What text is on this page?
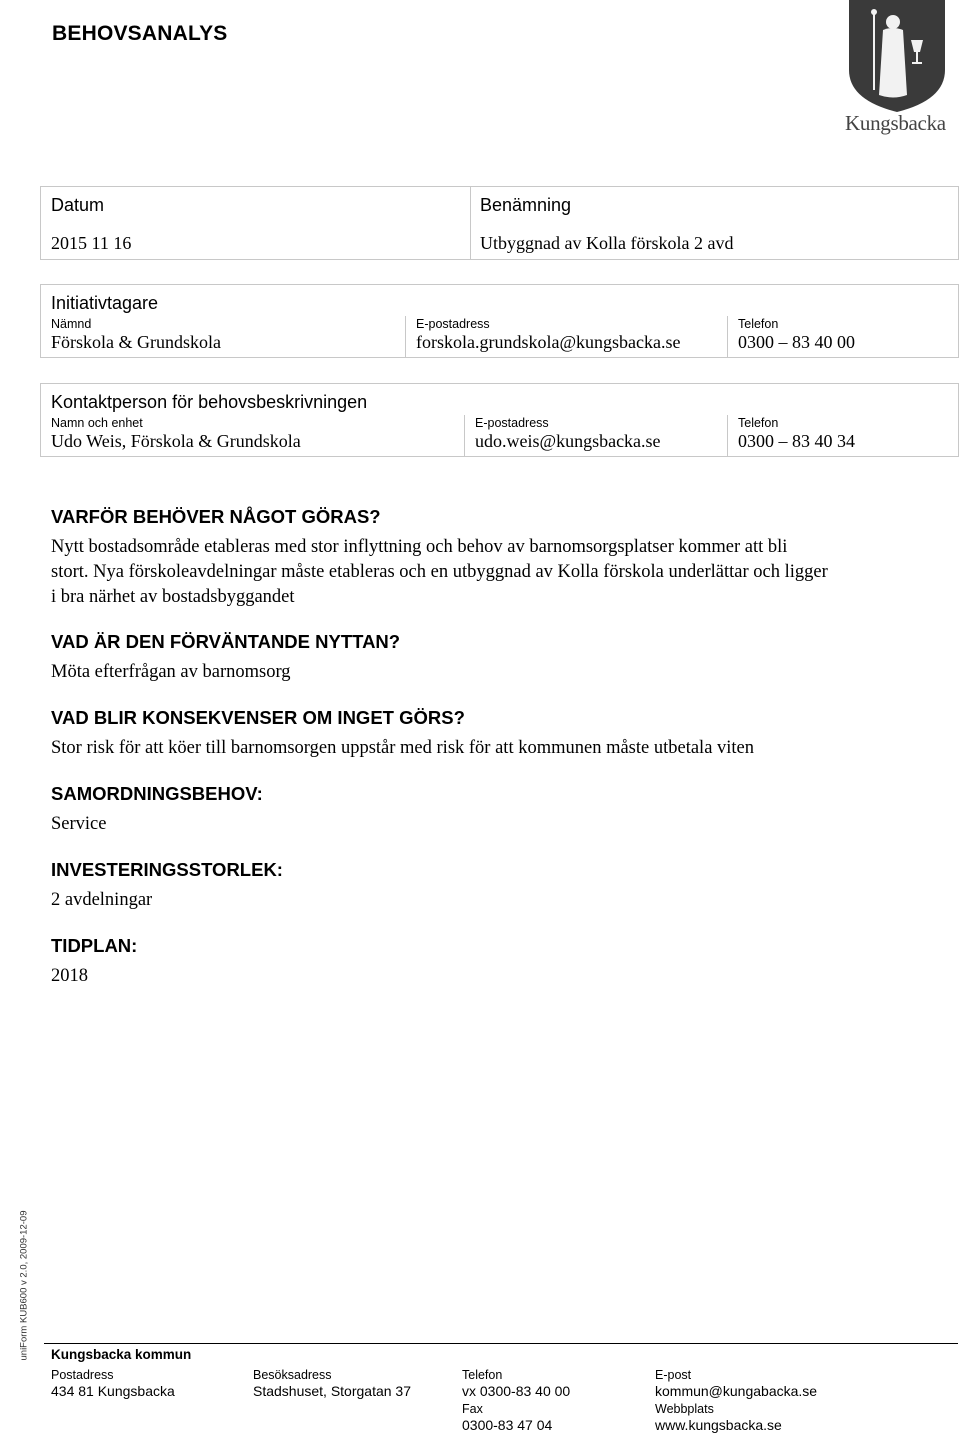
BEHOVSANALYS
Kungsbacka
Datum
2015 11 16
Benämning
Utbyggnad av Kolla förskola 2 avd
Initiativtagare
Nämnd
Förskola & Grundskola
E-postadress
forskola.grundskola@kungsbacka.se
Telefon
0300 – 83 40 00
Kontaktperson för behovsbeskrivningen
Namn och enhet
Udo Weis, Förskola & Grundskola
E-postadress
udo.weis@kungsbacka.se
Telefon
0300 – 83 40 34
VARFÖR BEHÖVER NÅGOT GÖRAS?
Nytt bostadsområde etableras med stor inflyttning och behov av barnomsorgsplatser kommer att bli
stort. Nya förskoleavdelningar måste etableras och en utbyggnad av Kolla förskola underlättar och ligger
i bra närhet av bostadsbyggandet
VAD ÄR DEN FÖRVÄNTANDE NYTTAN?
Möta efterfrågan av barnomsorg
VAD BLIR KONSEKVENSER OM INGET GÖRS?
Stor risk för att köer till barnomsorgen uppstår med risk för att kommunen måste utbetala viten
SAMORDNINGSBEHOV:
Service
INVESTERINGSSTORLEK:
2 avdelningar
TIDPLAN:
2018
uniForm KUB600 v 2.0, 2009-12-09 Kungsbacka kommun
Postadress
434 81 Kungsbacka
Besöksadress
Stadshuset, Storgatan 37
Telefon
vx 0300-83 40 00
Fax
0300-83 47 04
E-post
kommun@kungabacka.se
Webbplats
www.kungsbacka.se
